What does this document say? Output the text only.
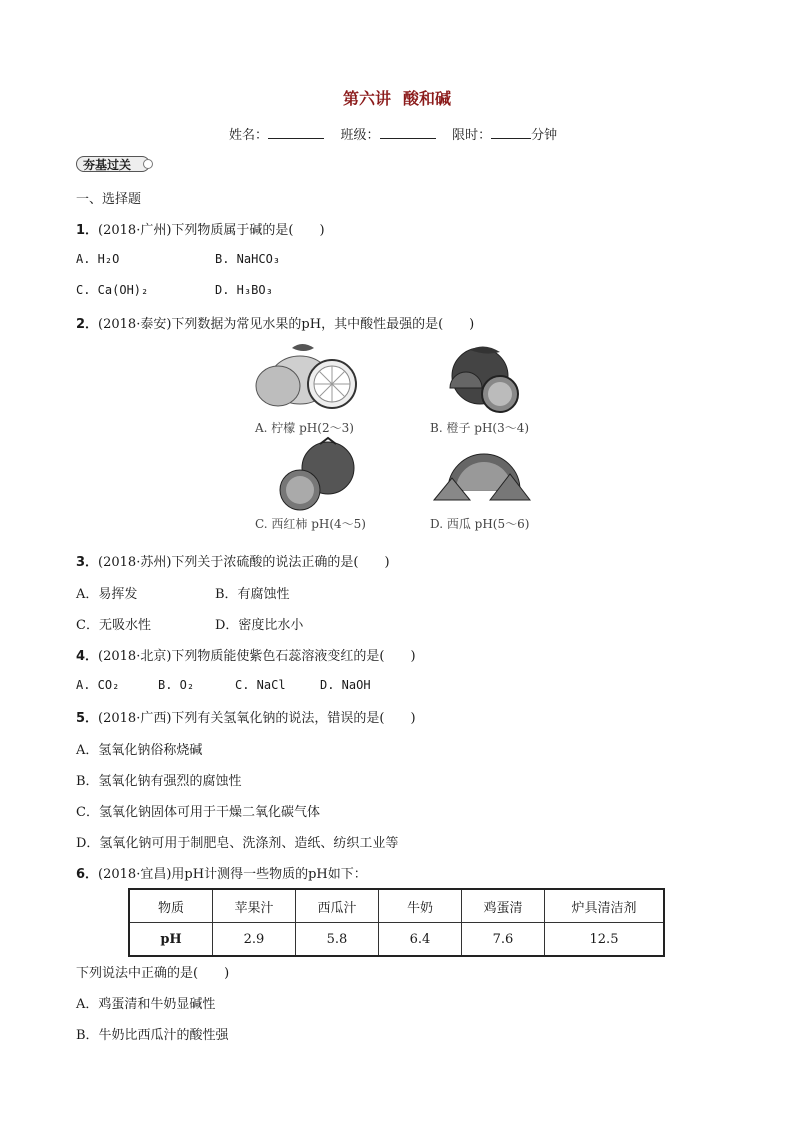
第六讲 酸和碱
姓名：	班级：	限时：	分钟
夯基过关
一、选择题
1．(2018·广州)下列物质属于碱的是(　　)
A. H₂O	B. NaHCO₃
C. Ca(OH)₂	D. H₃BO₃
2．(2018·泰安)下列数据为常见水果的pH，其中酸性最强的是(　　)
A. 柠檬 pH(2～3)	B. 橙子 pH(3～4)
C. 西红柿 pH(4～5)	D. 西瓜 pH(5～6)
3．(2018·苏州)下列关于浓硫酸的说法正确的是(　　)
A．易挥发	B．有腐蚀性
C．无吸水性	D．密度比水小
4．(2018·北京)下列物质能使紫色石蕊溶液变红的是(　　)
A. CO₂	B. O₂	C. NaCl	D. NaOH
5．(2018·广西)下列有关氢氧化钠的说法，错误的是(　　)
A．氢氧化钠俗称烧碱
B．氢氧化钠有强烈的腐蚀性
C．氢氧化钠固体可用于干燥二氧化碳气体
D．氢氧化钠可用于制肥皂、洗涤剂、造纸、纺织工业等
6．(2018·宜昌)用pH计测得一些物质的pH如下：
物质	苹果汁	西瓜汁	牛奶	鸡蛋清	炉具清洁剂
pH	2.9	5.8	6.4	7.6	12.5
下列说法中正确的是(　　)
A．鸡蛋清和牛奶显碱性
B．牛奶比西瓜汁的酸性强
